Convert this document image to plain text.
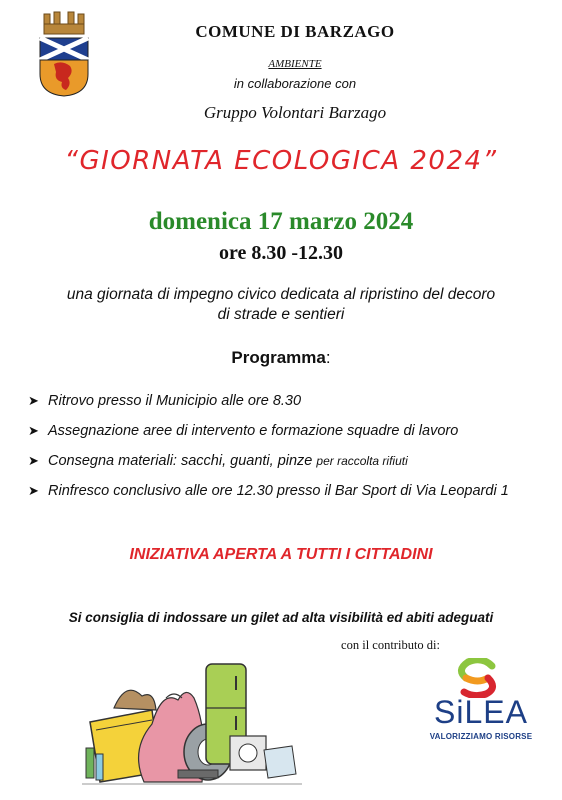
COMUNE DI BARZAGO
AMBIENTE
in collaborazione con
Gruppo Volontari Barzago
“GIORNATA ECOLOGICA 2024”
domenica 17 marzo 2024
ore 8.30 -12.30
una giornata di impegno civico dedicata al ripristino del decoro di strade e sentieri
Programma:
➤ Ritrovo presso il Municipio alle ore 8.30
➤ Assegnazione aree di intervento e formazione squadre di lavoro
➤ Consegna materiali: sacchi, guanti, pinze per raccolta rifiuti
➤ Rinfresco conclusivo alle ore 12.30 presso il Bar Sport di Via Leopardi 1
INIZIATIVA APERTA A TUTTI I CITTADINI
Si consiglia di indossare un gilet ad alta visibilità ed abiti adeguati
con il contributo di:
SiLEA
VALORIZZIAMO RISORSE
